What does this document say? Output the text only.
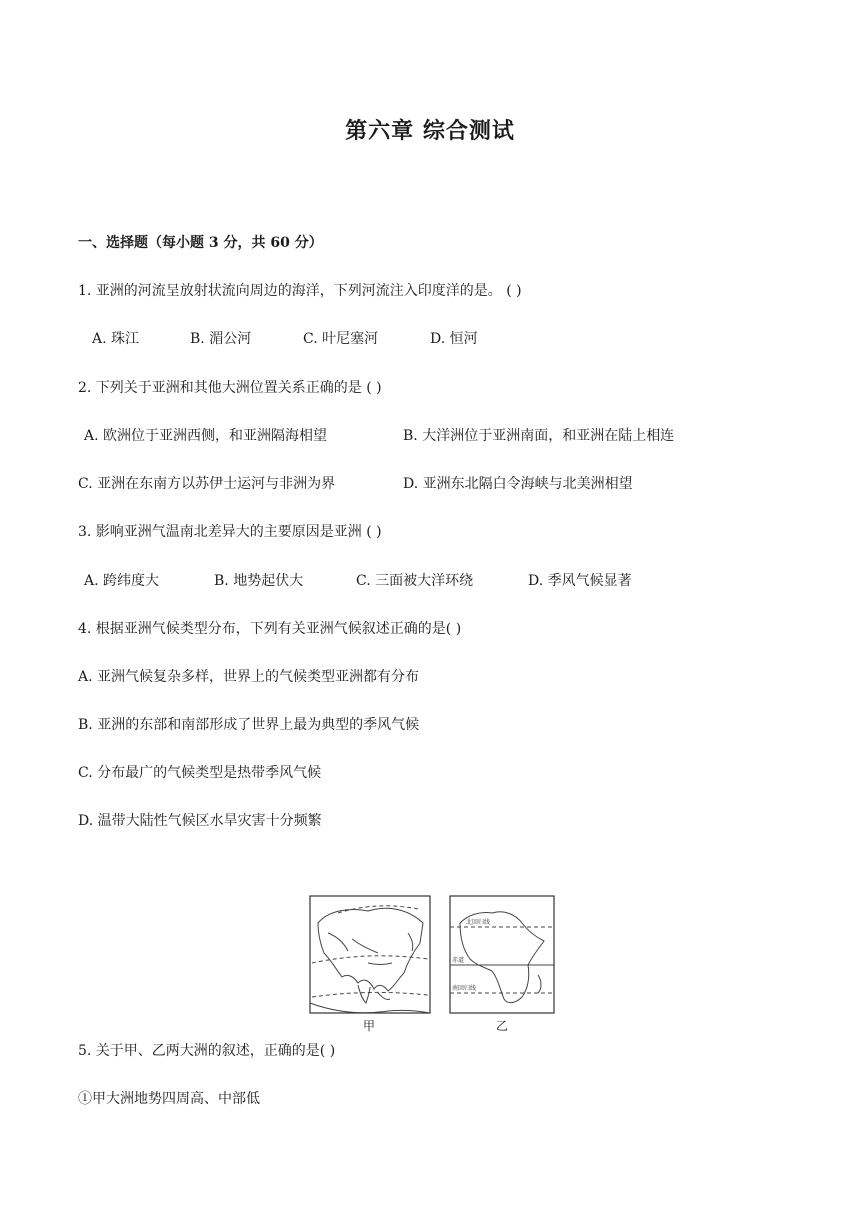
第六章 综合测试
一、选择题（每小题 3 分，共 60 分）
1. 亚洲的河流呈放射状流向周边的海洋，下列河流注入印度洋的是。 ( )
A. 珠江	B. 湄公河	C. 叶尼塞河	D. 恒河
2. 下列关于亚洲和其他大洲位置关系正确的是 ( )
A. 欧洲位于亚洲西侧，和亚洲隔海相望	B. 大洋洲位于亚洲南面，和亚洲在陆上相连
C. 亚洲在东南方以苏伊士运河与非洲为界	D. 亚洲东北隔白令海峡与北美洲相望
3. 影响亚洲气温南北差异大的主要原因是亚洲 ( )
A. 跨纬度大	B. 地势起伏大	C. 三面被大洋环绕	D. 季风气候显著
4. 根据亚洲气候类型分布，下列有关亚洲气候叙述正确的是( )
A. 亚洲气候复杂多样，世界上的气候类型亚洲都有分布
B. 亚洲的东部和南部形成了世界上最为典型的季风气候
C. 分布最广的气候类型是热带季风气候
D. 温带大陆性气候区水旱灾害十分频繁
北回归线
赤道
南回归线
甲	乙
5. 关于甲、乙两大洲的叙述，正确的是( )
①甲大洲地势四周高、中部低
